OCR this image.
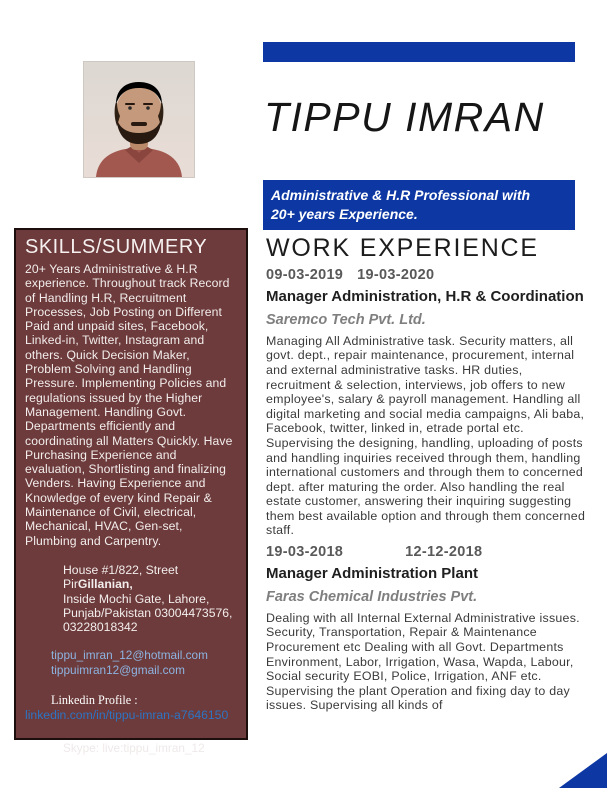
TIPPU IMRAN
Administrative & H.R Professional with
20+ years Experience.
SKILLS/SUMMERY
20+ Years Administrative & H.R experience. Throughout track Record of Handling H.R, Recruitment Processes, Job Posting on Different Paid and unpaid sites, Facebook, Linked-in, Twitter, Instagram and others. Quick Decision Maker, Problem Solving and Handling Pressure. Implementing Policies and regulations issued by the Higher Management. Handling Govt. Departments efficiently and coordinating all Matters Quickly. Have Purchasing Experience and evaluation, Shortlisting and finalizing Venders. Having Experience and Knowledge of every kind Repair & Maintenance of Civil, electrical, Mechanical, HVAC, Gen-set, Plumbing and Carpentry.
House #1/822, Street PirGillanian,
Inside Mochi Gate, Lahore,
Punjab/Pakistan 03004473576,
03228018342
tippu_imran_12@hotmail.com
tippuimran12@gmail.com
Linkedin Profile : linkedin.com/in/tippu-imran-a7646150
Skype: live:tippu_imran_12
WORK EXPERIENCE
09-03-2019 19-03-2020
Manager Administration, H.R & Coordination
Saremco Tech Pvt. Ltd.
Managing All Administrative task. Security matters, all govt. dept., repair maintenance, procurement, internal and external administrative tasks. HR duties, recruitment & selection, interviews, job offers to new employee's, salary & payroll management. Handling all digital marketing and social media campaigns, Ali baba, Facebook, twitter, linked in, etrade portal etc. Supervising the designing, handling, uploading of posts and handling inquiries received through them, handling international customers and through them to concerned dept. after maturing the order. Also handling the real estate customer, answering their inquiring suggesting them best available option and through them concerned staff.
19-03-2018	12-12-2018
Manager Administration Plant
Faras Chemical Industries Pvt.
Dealing with all Internal External Administrative issues. Security, Transportation, Repair & Maintenance Procurement etc Dealing with all Govt. Departments Environment, Labor, Irrigation, Wasa, Wapda, Labour, Social security EOBI, Police, Irrigation, ANF etc. Supervising the plant Operation and fixing day to day issues. Supervising all kinds of
